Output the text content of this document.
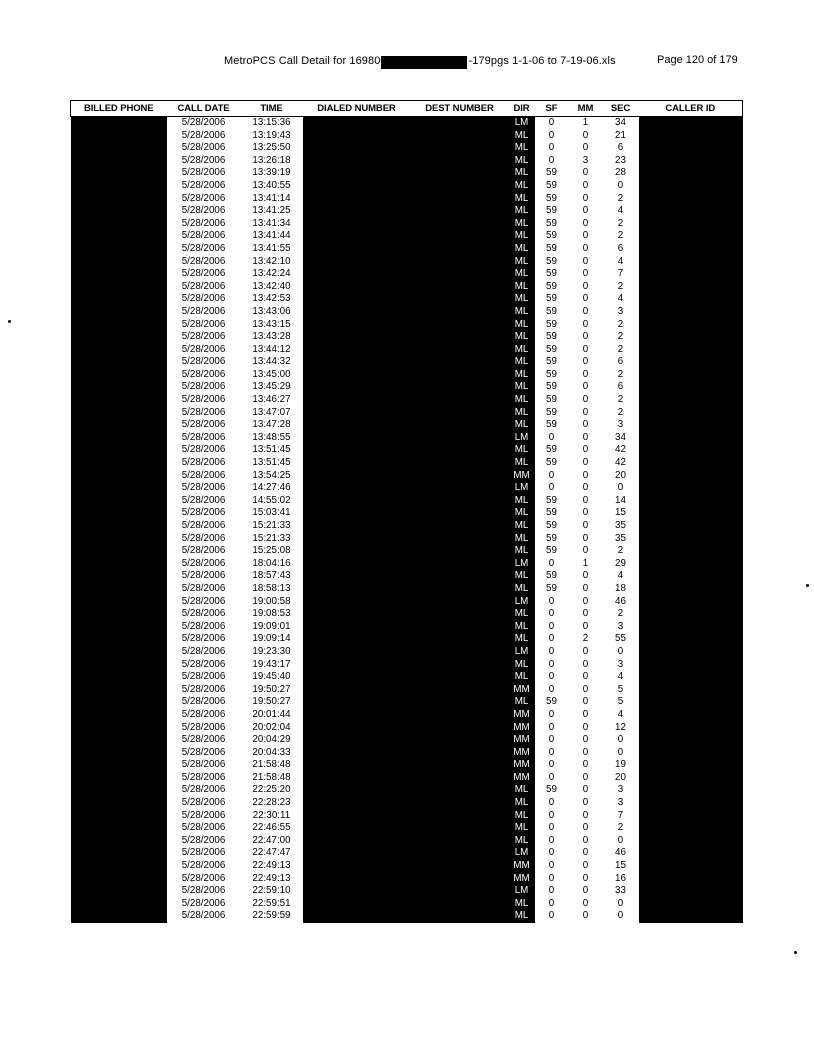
MetroPCS Call Detail for 16980	-179pgs 1-1-06 to 7-19-06.xls	Page 120 of 179
BILLED PHONE	CALL DATE	TIME	DIALED NUMBER	DEST NUMBER	DIR	SF	MM	SEC	CALLER ID
	5/28/2006	13:15:36			LM	0	1	34	
	5/28/2006	13:19:43			ML	0	0	21	
	5/28/2006	13:25:50			ML	0	0	6	
	5/28/2006	13:26:18			ML	0	3	23	
	5/28/2006	13:39:19			ML	59	0	28	
	5/28/2006	13:40:55			ML	59	0	0	
	5/28/2006	13:41:14			ML	59	0	2	
	5/28/2006	13:41:25			ML	59	0	4	
	5/28/2006	13:41:34			ML	59	0	2	
	5/28/2006	13:41:44			ML	59	0	2	
	5/28/2006	13:41:55			ML	59	0	6	
	5/28/2006	13:42:10			ML	59	0	4	
	5/28/2006	13:42:24			ML	59	0	7	
	5/28/2006	13:42:40			ML	59	0	2	
	5/28/2006	13:42:53			ML	59	0	4	
	5/28/2006	13:43:06			ML	59	0	3	
	5/28/2006	13:43:15			ML	59	0	2	
	5/28/2006	13:43:28			ML	59	0	2	
	5/28/2006	13:44:12			ML	59	0	2	
	5/28/2006	13:44:32			ML	59	0	6	
	5/28/2006	13:45:00			ML	59	0	2	
	5/28/2006	13:45:29			ML	59	0	6	
	5/28/2006	13:46:27			ML	59	0	2	
	5/28/2006	13:47:07			ML	59	0	2	
	5/28/2006	13:47:28			ML	59	0	3	
	5/28/2006	13:48:55			LM	0	0	34	
	5/28/2006	13:51:45			ML	59	0	42	
	5/28/2006	13:51:45			ML	59	0	42	
	5/28/2006	13:54:25			MM	0	0	20	
	5/28/2006	14:27:46			LM	0	0	0	
	5/28/2006	14:55:02			ML	59	0	14	
	5/28/2006	15:03:41			ML	59	0	15	
	5/28/2006	15:21:33			ML	59	0	35	
	5/28/2006	15:21:33			ML	59	0	35	
	5/28/2006	15:25:08			ML	59	0	2	
	5/28/2006	18:04:16			LM	0	1	29	
	5/28/2006	18:57:43			ML	59	0	4	
	5/28/2006	18:58:13			ML	59	0	18	
	5/28/2006	19:00:58			LM	0	0	46	
	5/28/2006	19:08:53			ML	0	0	2	
	5/28/2006	19:09:01			ML	0	0	3	
	5/28/2006	19:09:14			ML	0	2	55	
	5/28/2006	19:23:30			LM	0	0	0	
	5/28/2006	19:43:17			ML	0	0	3	
	5/28/2006	19:45:40			ML	0	0	4	
	5/28/2006	19:50:27			MM	0	0	5	
	5/28/2006	19:50:27			ML	59	0	5	
	5/28/2006	20:01:44			MM	0	0	4	
	5/28/2006	20:02:04			MM	0	0	12	
	5/28/2006	20:04:29			MM	0	0	0	
	5/28/2006	20:04:33			MM	0	0	0	
	5/28/2006	21:58:48			MM	0	0	19	
	5/28/2006	21:58:48			MM	0	0	20	
	5/28/2006	22:25:20			ML	59	0	3	
	5/28/2006	22:28:23			ML	0	0	3	
	5/28/2006	22:30:11			ML	0	0	7	
	5/28/2006	22:46:55			ML	0	0	2	
	5/28/2006	22:47:00			ML	0	0	0	
	5/28/2006	22:47:47			LM	0	0	46	
	5/28/2006	22:49:13			MM	0	0	15	
	5/28/2006	22:49:13			MM	0	0	16	
	5/28/2006	22:59:10			LM	0	0	33	
	5/28/2006	22:59:51			ML	0	0	0	
	5/28/2006	22:59:59			ML	0	0	0	
